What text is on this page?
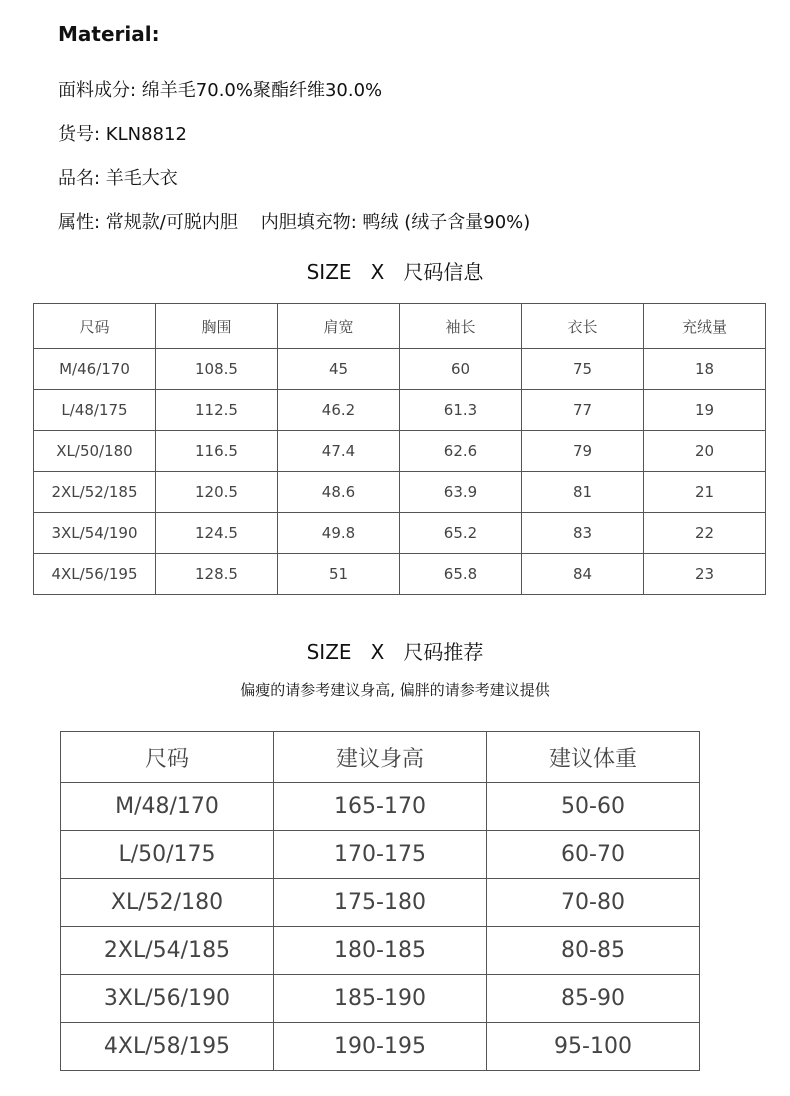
Material:
面料成分: 绵羊毛70.0%聚酯纤维30.0%
货号: KLN8812
品名: 羊毛大衣
属性: 常规款/可脱内胆    内胆填充物: 鸭绒 (绒子含量90%)
SIZE   X   尺码信息
尺码	胸围	肩宽	袖长	衣长	充绒量
M/46/170	108.5	45	60	75	18
L/48/175	112.5	46.2	61.3	77	19
XL/50/180	116.5	47.4	62.6	79	20
2XL/52/185	120.5	48.6	63.9	81	21
3XL/54/190	124.5	49.8	65.2	83	22
4XL/56/195	128.5	51	65.8	84	23
SIZE   X   尺码推荐
偏瘦的请参考建议身高, 偏胖的请参考建议提供
尺码	建议身高	建议体重
M/48/170	165-170	50-60
L/50/175	170-175	60-70
XL/52/180	175-180	70-80
2XL/54/185	180-185	80-85
3XL/56/190	185-190	85-90
4XL/58/195	190-195	95-100
